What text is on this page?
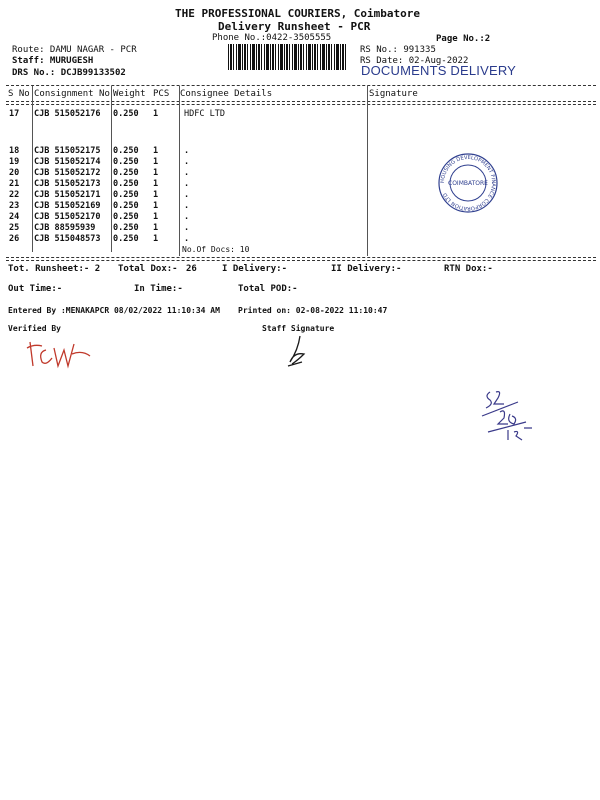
THE PROFESSIONAL COURIERS, Coimbatore
Delivery Runsheet - PCR
Phone No.:0422-3505555	Page No.:2
Route: DAMU NAGAR - PCR
Staff: MURUGESH
DRS No.: DCJB99133502
RS No.: 991335
RS Date: 02-Aug-2022
DOCUMENTS DELIVERY
S No Consignment No Weight PCS Consignee Details	Signature
17 CJB 515052176 0.250 1	HDFC LTD
18 CJB 515052175 0.250 1	.
19 CJB 515052174 0.250 1	.
20 CJB 515052172 0.250 1	.
21 CJB 515052173 0.250 1	.
22 CJB 515052171 0.250 1	.
23 CJB 515052169 0.250 1	.
24 CJB 515052170 0.250 1	.
25 CJB 88595939 0.250 1	.
26 CJB 515048573 0.250 1	.
No.Of Docs: 10
HOUSING DEVELOPMENT FINANCE CORPORATION LTD
COIMBATORE
Tot. Runsheet:- 2 Total Dox:- 26	I Delivery:-	II Delivery:-	RTN Dox:-
Out Time:-	In Time:-	Total POD:-
Entered By :MENAKAPCR 08/02/2022 11:10:34 AM Printed on: 02-08-2022 11:10:47
Verified By	Staff Signature
